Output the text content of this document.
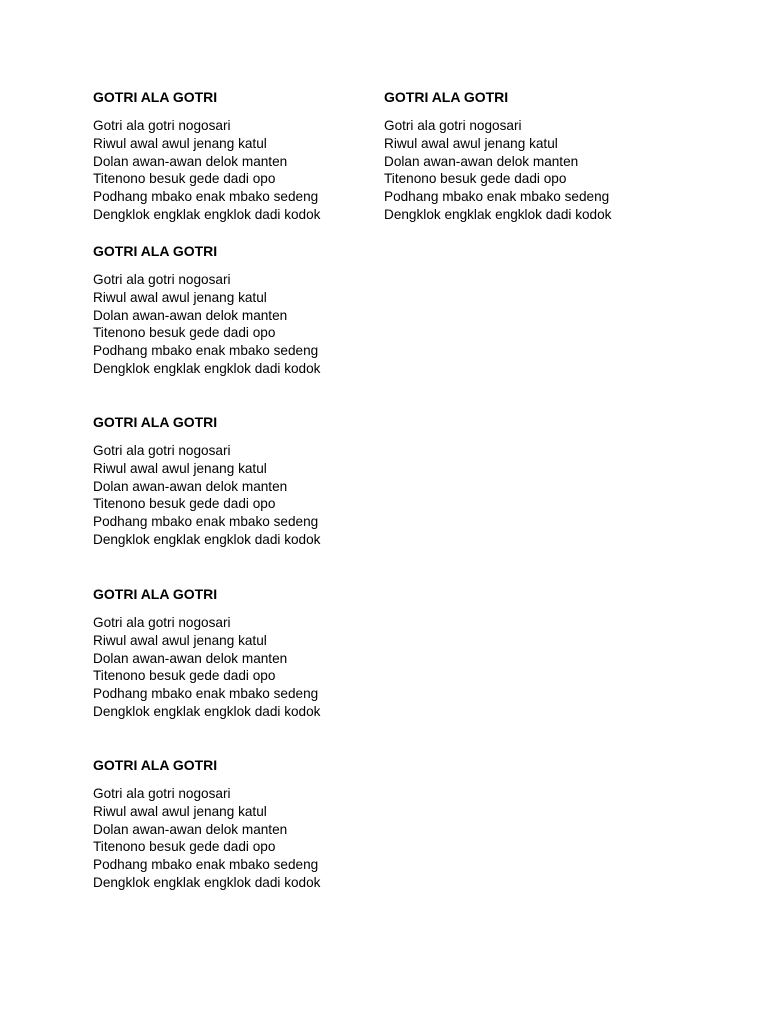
GOTRI ALA GOTRI
Gotri ala gotri nogosari
Riwul awal awul jenang katul
Dolan awan-awan delok manten
Titenono besuk gede dadi opo
Podhang mbako enak mbako sedeng
Dengklok engklak engklok dadi kodok
GOTRI ALA GOTRI
Gotri ala gotri nogosari
Riwul awal awul jenang katul
Dolan awan-awan delok manten
Titenono besuk gede dadi opo
Podhang mbako enak mbako sedeng
Dengklok engklak engklok dadi kodok
GOTRI ALA GOTRI
Gotri ala gotri nogosari
Riwul awal awul jenang katul
Dolan awan-awan delok manten
Titenono besuk gede dadi opo
Podhang mbako enak mbako sedeng
Dengklok engklak engklok dadi kodok
GOTRI ALA GOTRI
Gotri ala gotri nogosari
Riwul awal awul jenang katul
Dolan awan-awan delok manten
Titenono besuk gede dadi opo
Podhang mbako enak mbako sedeng
Dengklok engklak engklok dadi kodok
GOTRI ALA GOTRI
Gotri ala gotri nogosari
Riwul awal awul jenang katul
Dolan awan-awan delok manten
Titenono besuk gede dadi opo
Podhang mbako enak mbako sedeng
Dengklok engklak engklok dadi kodok
GOTRI ALA GOTRI
Gotri ala gotri nogosari
Riwul awal awul jenang katul
Dolan awan-awan delok manten
Titenono besuk gede dadi opo
Podhang mbako enak mbako sedeng
Dengklok engklak engklok dadi kodok
